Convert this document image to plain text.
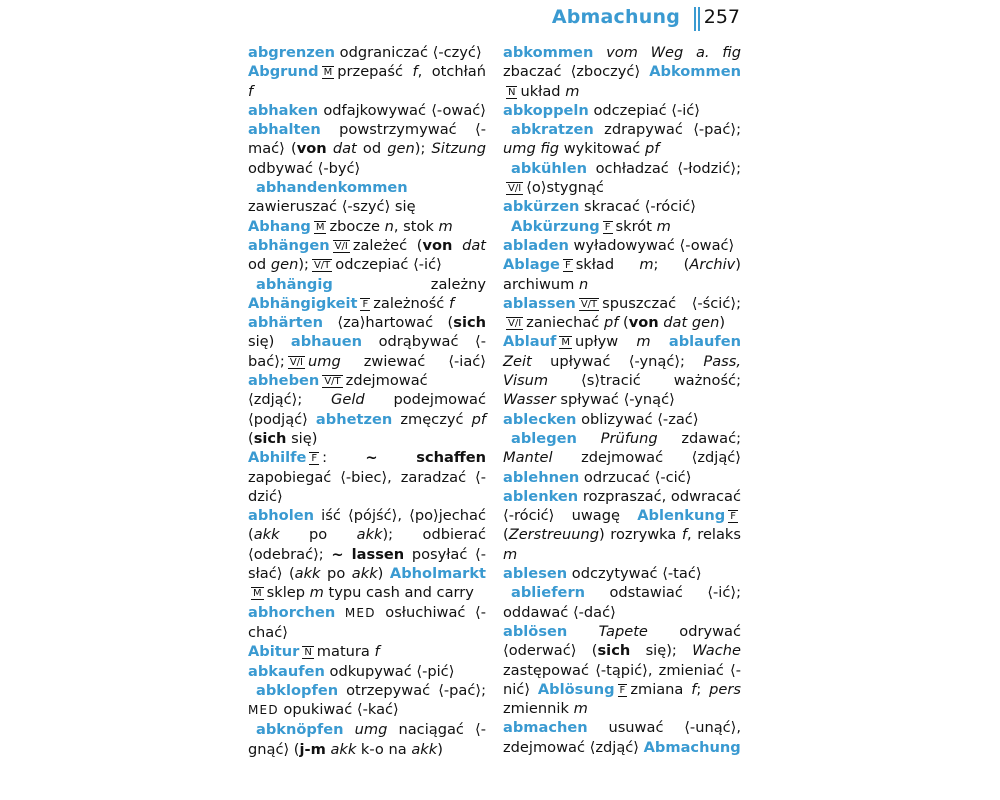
Abmachung 257
abgrenzen odgraniczać ⟨-czyć⟩
Abgrund M przepaść f, otchłań f
abhaken odfajkowywać ⟨-ować⟩ abhalten powstrzymywać ⟨-mać⟩ (von dat od gen); Sitzung odbywać ⟨-być⟩
abhandenkommen zawieruszać ⟨-szyć⟩ się
Abhang M zbocze n, stok m
abhängen V/I zależeć (von dat od gen); V/T odczepiać ⟨-ić⟩
abhängig zależny Abhängigkeit F zależność f
abhärten ⟨za⟩hartować (sich się) abhauen odrąbywać ⟨-bać⟩; V/I umg zwiewać ⟨-iać⟩ abheben V/T zdejmować ⟨zdjąć⟩; Geld podejmować ⟨podjąć⟩ abhetzen zmęczyć pf (sich się)
Abhilfe F : ~ schaffen zapobiegać ⟨-biec⟩, zaradzać ⟨-dzić⟩
abholen iść ⟨pójść⟩, ⟨po⟩jechać (akk po akk); odbierać ⟨odebrać⟩; ~ lassen posyłać ⟨-słać⟩ (akk po akk) AbholmarktM sklep m typu cash and carry
abhorchen MED osłuchiwać ⟨-chać⟩
Abitur N matura f
abkaufen odkupywać ⟨-pić⟩
abklopfen otrzepywać ⟨-pać⟩; MED opukiwać ⟨-kać⟩
abknöpfen umg naciągać ⟨-gnąć⟩ (j-m akk k-o na akk)
abkommen vom Weg a. fig zbaczać ⟨zboczyć⟩ AbkommenN układ m
abkoppeln odczepiać ⟨-ić⟩
abkratzen zdrapywać ⟨-pać⟩; umg fig wykitować pf
abkühlen ochładzać ⟨-łodzić⟩;V/I ⟨o⟩stygnąć
abkürzen skracać ⟨-rócić⟩
Abkürzung F skrót m
abladen wyładowywać ⟨-ować⟩
Ablage F skład m; (Archiv) archiwum n
ablassen V/T spuszczać ⟨-ścić⟩;V/I zaniechać pf (von dat gen)
Ablauf M upływ m ablaufen Zeit upływać ⟨-ynąć⟩; Pass, Visum ⟨s⟩tracić ważność; Wasser spływać ⟨-ynąć⟩
ablecken oblizywać ⟨-zać⟩
ablegen Prüfung zdawać; Mantel zdejmować ⟨zdjąć⟩ ablehnen odrzucać ⟨-cić⟩
ablenken rozpraszać, odwracać ⟨-rócić⟩ uwagę Ablenkung F(Zerstreuung) rozrywka f, relaks m
ablesen odczytywać ⟨-tać⟩
abliefern odstawiać ⟨-ić⟩; oddawać ⟨-dać⟩
ablösen Tapete odrywać ⟨oderwać⟩ (sich się); Wache zastępować ⟨-tąpić⟩, zmieniać ⟨-nić⟩ Ablösung F zmiana f; pers zmiennik m
abmachen usuwać ⟨-unąć⟩, zdejmować ⟨zdjąć⟩ Abmachung
